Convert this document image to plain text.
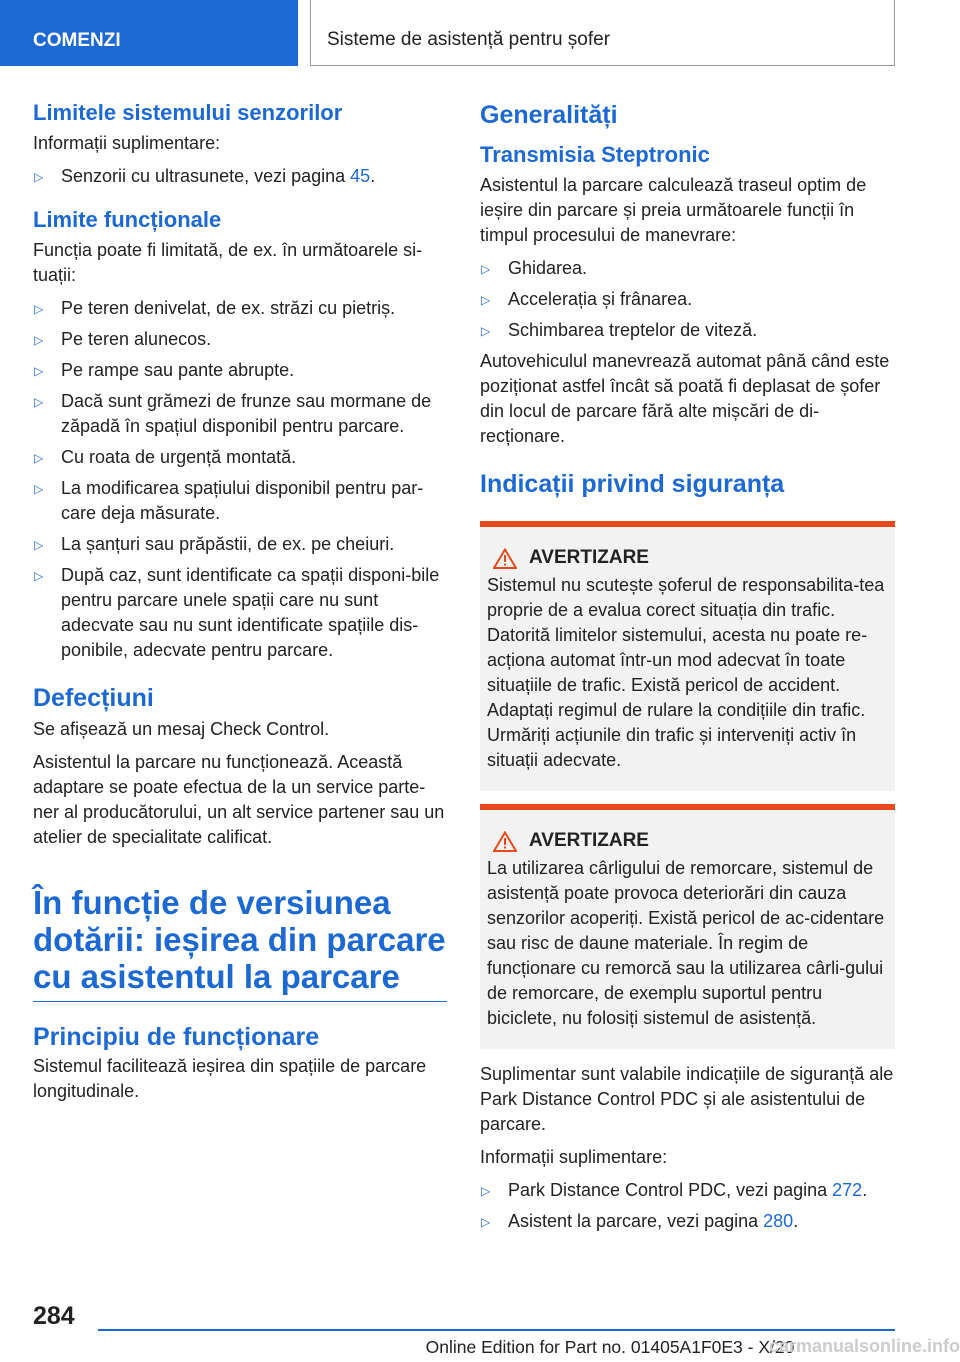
COMENZI	Sisteme de asistență pentru șofer
Limitele sistemului senzorilor

Informații suplimentare:

▷ Senzorii cu ultrasunete, vezi pagina 45.
Limite funcționale

Funcția poate fi limitată, de ex. în următoarele si-tuații:

▷ Pe teren denivelat, de ex. străzi cu pietriș.
▷ Pe teren alunecos.
▷ Pe rampe sau pante abrupte.
▷ Dacă sunt grămezi de frunze sau mormane de zăpadă în spațiul disponibil pentru parcare.
▷ Cu roata de urgență montată.
▷ La modificarea spațiului disponibil pentru par-care deja măsurate.
▷ La șanțuri sau prăpăstii, de ex. pe cheiuri.
▷ După caz, sunt identificate ca spații disponi-bile pentru parcare unele spații care nu sunt adecvate sau nu sunt identificate spațiile dis-ponibile, adecvate pentru parcare.
Defecțiuni

Se afișează un mesaj Check Control.

Asistentul la parcare nu funcționează. Această adaptare se poate efectua de la un service parte-ner al producătorului, un alt service partener sau un atelier de specialitate calificat.

În funcție de versiunea dotării: ieșirea din parcare cu asistentul la parcare
Principiu de funcționare

Sistemul facilitează ieșirea din spațiile de parcare longitudinale.

Generalități
Transmisia Steptronic

Asistentul la parcare calculează traseul optim de ieșire din parcare și preia următoarele funcții în timpul procesului de manevrare:

▷ Ghidarea.
▷ Accelerația și frânarea.
▷ Schimbarea treptelor de viteză.

Autovehiculul manevrează automat până când este poziționat astfel încât să poată fi deplasat de șofer din locul de parcare fără alte mișcări de di-recționare.

Indicații privind siguranța
AVERTIZARE

Sistemul nu scutește șoferul de responsabilita-tea proprie de a evalua corect situația din trafic. Datorită limitelor sistemului, acesta nu poate re-acționa automat într-un mod adecvat în toate situațiile de trafic. Există pericol de accident. Adaptați regimul de rulare la condițiile din trafic. Urmăriți acțiunile din trafic și interveniți activ în situații adecvate.

AVERTIZARE

La utilizarea cârligului de remorcare, sistemul de asistență poate provoca deteriorări din cauza senzorilor acoperiți. Există pericol de ac-cidentare sau risc de daune materiale. În regim de funcționare cu remorcă sau la utilizarea cârli-gului de remorcare, de exemplu suportul pentru biciclete, nu folosiți sistemul de asistență.

Suplimentar sunt valabile indicațiile de siguranță ale Park Distance Control PDC și ale asistentului de parcare.

Informații suplimentare:

▷ Park Distance Control PDC, vezi pagina 272.
▷ Asistent la parcare, vezi pagina 280.
284
Online Edition for Part no. 01405A1F0E3 - X/20
carmanualsonline.info
